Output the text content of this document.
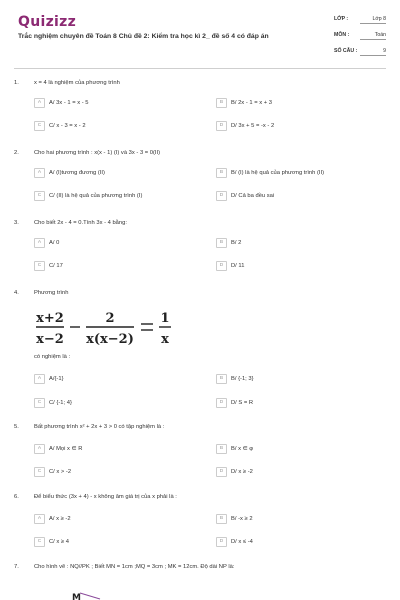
Quizizz
Trắc nghiệm chuyên đề Toán 8 Chủ đề 2: Kiểm tra học kì 2_ đề số 4 có đáp án
LỚP :	Lớp 8
MÔN :	Toán
SỐ CÂU :	9
1.	x = 4 là nghiệm của phương trình
A A/ 3x - 1 = x - 5	B B/ 2x - 1 = x + 3
C C/ x - 3 = x - 2	D D/ 3x + 5 = -x - 2
2.	Cho hai phương trình : x(x - 1) (I) và 3x - 3 = 0(II)
A A/ (I)tương đương (II)	B B/ (I) là hệ quả của phương trình (II)
C C/ (II) là hệ quả của phương trình (I)	D D/ Cả ba đều sai
3.	Cho biết 2x - 4 = 0.Tính 3x - 4 bằng:
A A/ 0	B B/ 2
C C/ 17	D D/ 11
4.	Phương trình
x+2
x−2
2
x(x−2)
1
x
có nghiệm là :
A A/{-1}	B B/ {-1; 3}
C C/ {-1; 4}	D D/ S = R
5.	Bất phương trình x² + 2x + 3 > 0 có tập nghiệm là :
A A/ Mọi x ∈ R	B B/ x ∈ φ
C C/ x > -2	D D/ x ≥ -2
6.	Để biểu thức (3x + 4) - x không âm giá trị của x phải là :
A A/ x ≥ -2	B B/ -x ≥ 2
C C/ x ≥ 4	D D/ x ≤ -4
7.	Cho hình vẽ : NQ//PK ; Biết MN = 1cm ;MQ = 3cm ; MK = 12cm. Độ dài NP là:
M
